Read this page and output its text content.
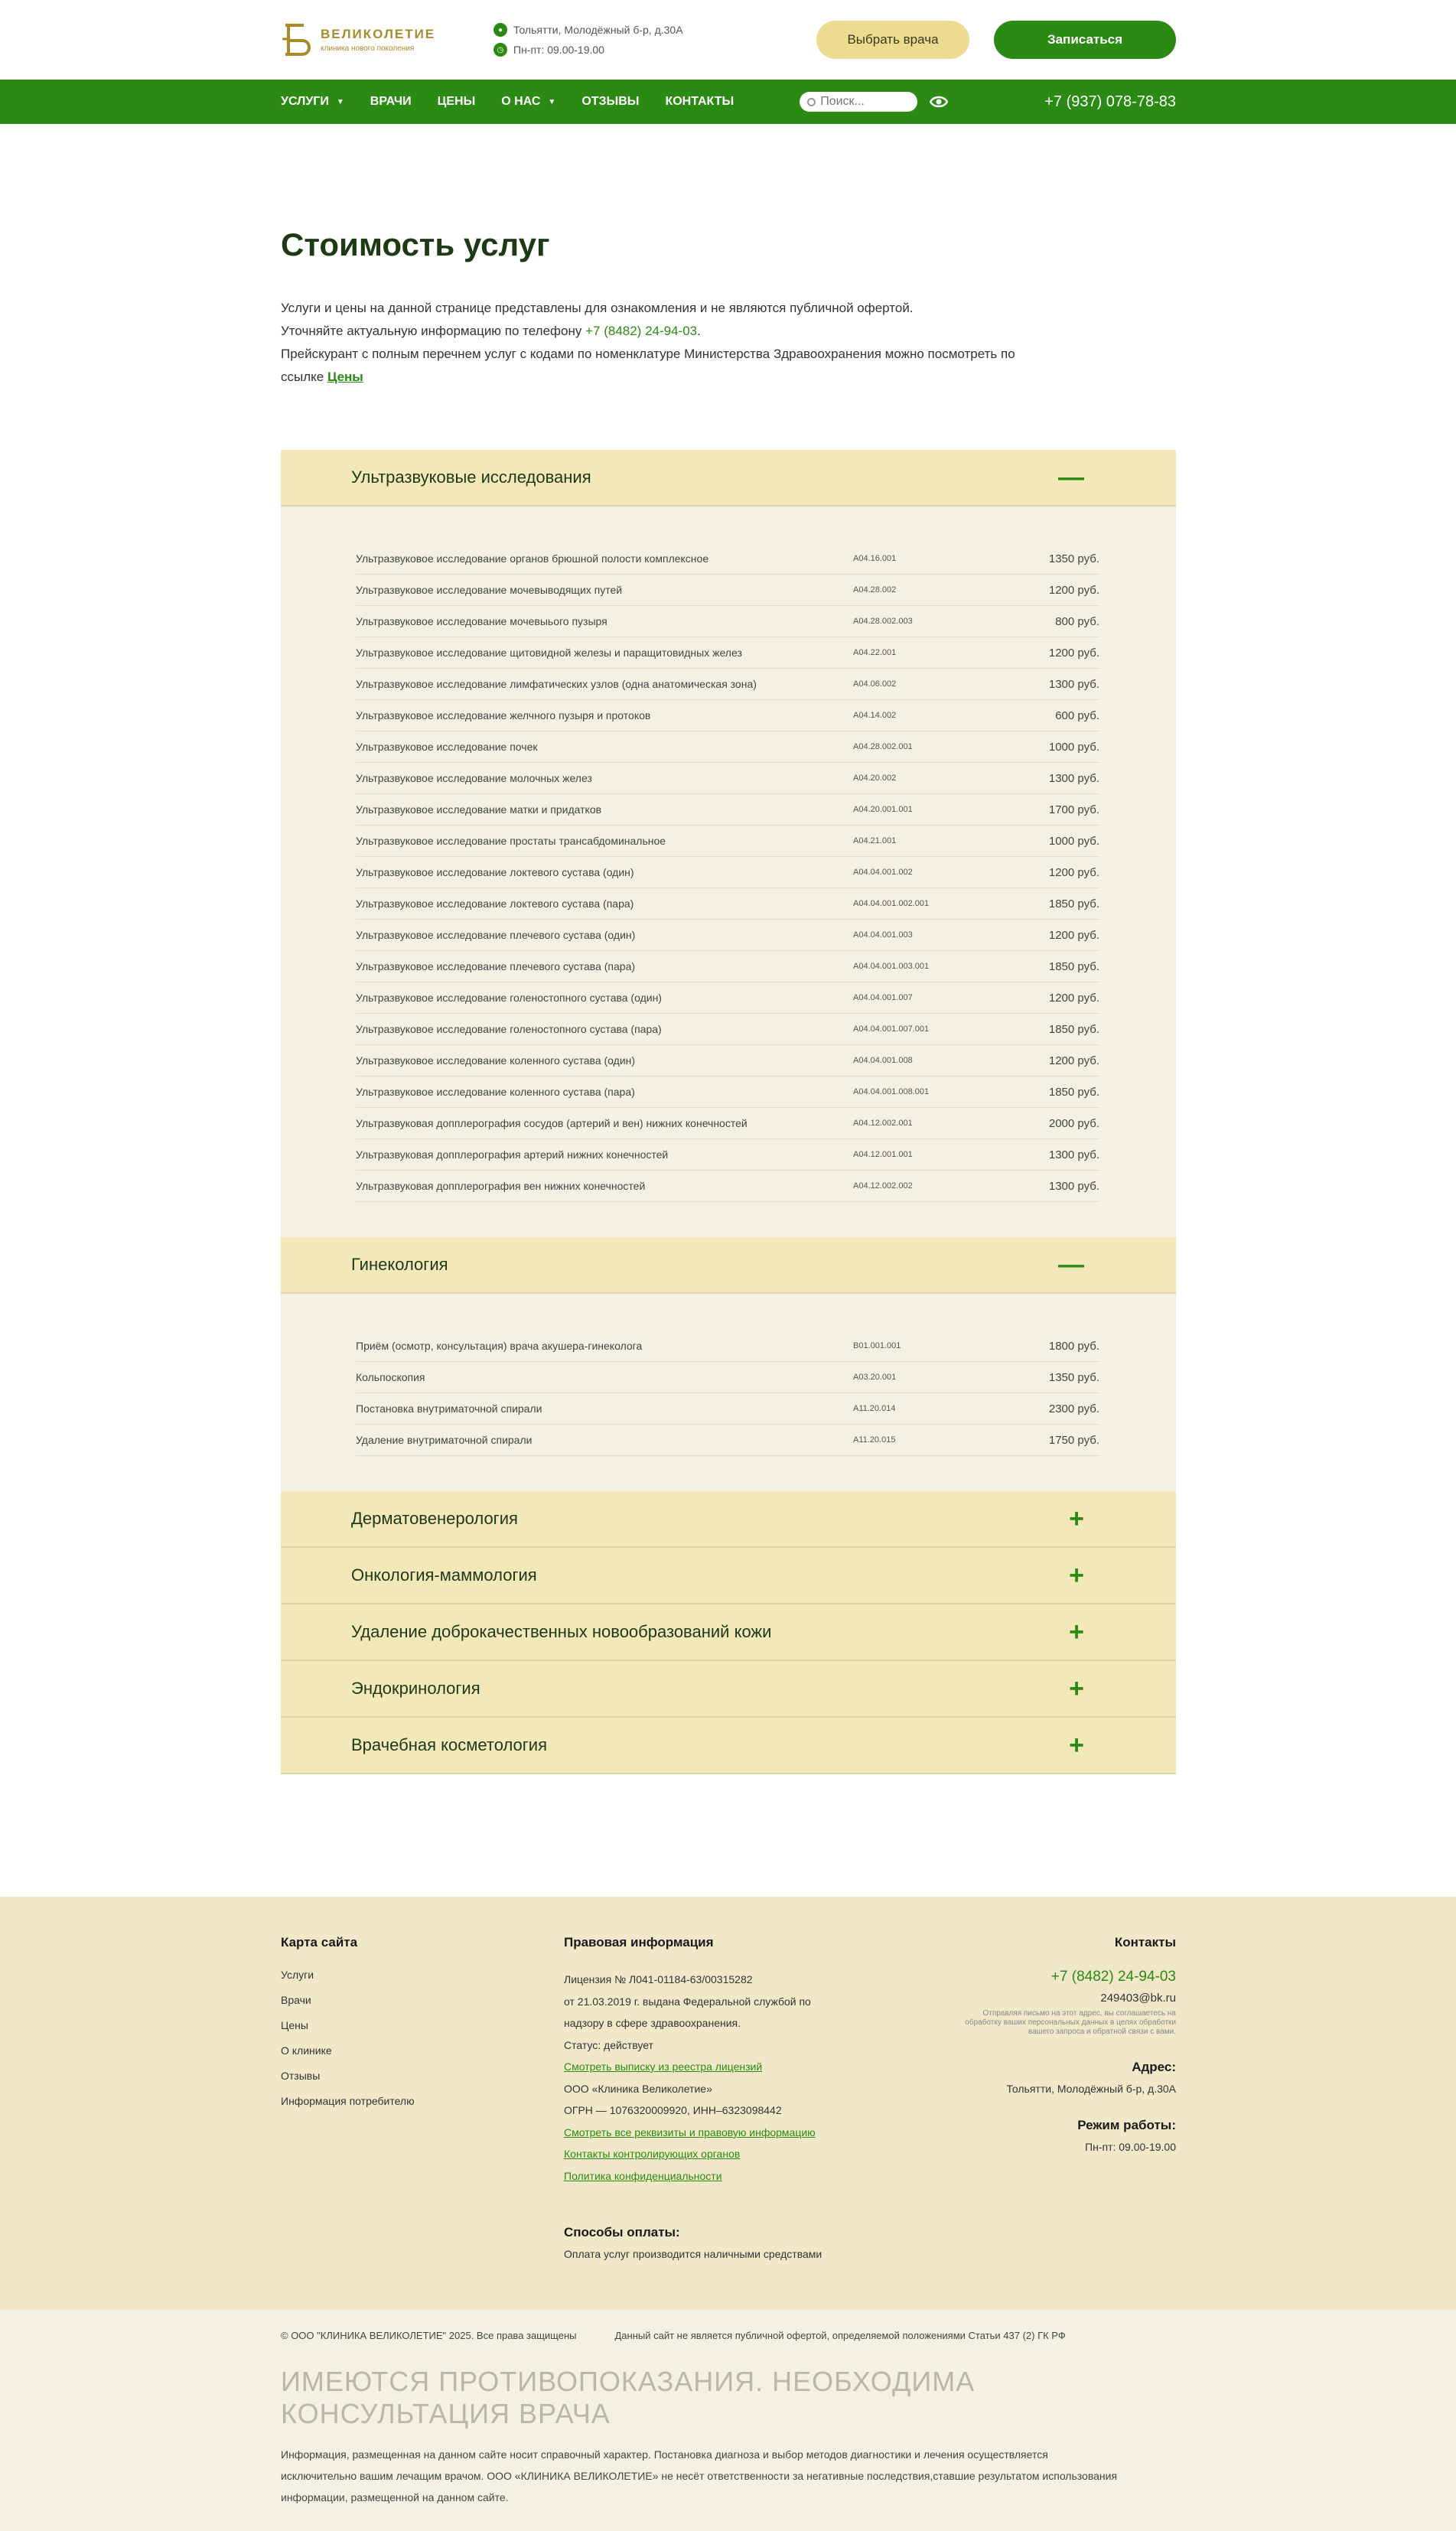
ВЕЛИКОЛЕТИЕ
клиника нового поколения
● Тольятти, Молодёжный б-р, д.30А
◷ Пн-пт: 09.00-19.00
Выбрать врача	Записаться
УСЛУГИ ▼ ВРАЧИ ЦЕНЫ О НАС ▼ ОТЗЫВЫ КОНТАКТЫ
Поиск...	+7 (937) 078-78-83
Стоимость услуг
Услуги и цены на данной странице представлены для ознакомления и не являются публичной офертой.
Уточняйте актуальную информацию по телефону +7 (8482) 24-94-03.
Прейскурант с полным перечнем услуг с кодами по номенклатуре Министерства Здравоохранения можно посмотреть по ссылке Цены
Ультразвуковые исследования	—
Ультразвуковое исследование органов брюшной полости комплексное	A04.16.001	1350 руб.
Ультразвуковое исследование мочевыводящих путей	A04.28.002	1200 руб.
Ультразвуковое исследование мочевыього пузыря	A04.28.002.003	800 руб.
Ультразвуковое исследование щитовидной железы и паращитовидных желез	A04.22.001	1200 руб.
Ультразвуковое исследование лимфатических узлов (одна анатомическая зона)	A04.06.002	1300 руб.
Ультразвуковое исследование желчного пузыря и протоков	A04.14.002	600 руб.
Ультразвуковое исследование почек	A04.28.002.001	1000 руб.
Ультразвуковое исследование молочных желез	A04.20.002	1300 руб.
Ультразвуковое исследование матки и придатков	A04.20.001.001	1700 руб.
Ультразвуковое исследование простаты трансабдоминальное	A04.21.001	1000 руб.
Ультразвуковое исследование локтевого сустава (один)	A04.04.001.002	1200 руб.
Ультразвуковое исследование локтевого сустава (пара)	A04.04.001.002.001	1850 руб.
Ультразвуковое исследование плечевого сустава (один)	A04.04.001.003	1200 руб.
Ультразвуковое исследование плечевого сустава (пара)	A04.04.001.003.001	1850 руб.
Ультразвуковое исследование голеностопного сустава (один)	A04.04.001.007	1200 руб.
Ультразвуковое исследование голеностопного сустава (пара)	A04.04.001.007.001	1850 руб.
Ультразвуковое исследование коленного сустава (один)	A04.04.001.008	1200 руб.
Ультразвуковое исследование коленного сустава (пара)	A04.04.001.008.001	1850 руб.
Ультразвуковая допплерография сосудов (артерий и вен) нижних конечностей	A04.12.002.001	2000 руб.
Ультразвуковая допплерография артерий нижних конечностей	A04.12.001.001	1300 руб.
Ультразвуковая допплерография вен нижних конечностей	A04.12.002.002	1300 руб.
Гинекология	—
Приём (осмотр, консультация) врача акушера-гинеколога	B01.001.001	1800 руб.
Кольпоскопия	A03.20.001	1350 руб.
Постановка внутриматочной спирали	A11.20.014	2300 руб.
Удаление внутриматочной спирали	A11.20.015	1750 руб.
Дерматовенерология	+
Онкология-маммология	+
Удаление доброкачественных новообразований кожи	+
Эндокринология	+
Врачебная косметология	+
Карта сайта
Услуги
Врачи
Цены
О клинике
Отзывы
Информация потребителю
Правовая информация
Лицензия № Л041-01184-63/00315282
от 21.03.2019 г. выдана Федеральной службой по
надзору в сфере здравоохранения.
Статус: действует
Смотреть выписку из реестра лицензий
ООО «Клиника Великолетие»
ОГРН — 1076320009920, ИНН–6323098442
Смотреть все реквизиты и правовую информацию
Контакты контролирующих органов
Политика конфиденциальности
Способы оплаты:
Оплата услуг производится наличными средствами
Контакты
+7 (8482) 24-94-03
249403@bk.ru
Отправляя письмо на этот адрес, вы соглашаетесь на обработку ваших персональных данных в целях обработки вашего запроса и обратной связи с вами.
Адрес:
Тольятти, Молодёжный б-р, д.30А
Режим работы:
Пн-пт: 09.00-19.00
© ООО "КЛИНИКА ВЕЛИКОЛЕТИЕ" 2025. Все права защищены	Данный сайт не является публичной офертой, определяемой положениями Статьи 437 (2) ГК РФ
ИМЕЮТСЯ ПРОТИВОПОКАЗАНИЯ. НЕОБХОДИМА КОНСУЛЬТАЦИЯ ВРАЧА
Информация, размещенная на данном сайте носит справочный характер. Постановка диагноза и выбор методов диагностики и лечения осуществляется исключительно вашим лечащим врачом. ООО «КЛИНИКА ВЕЛИКОЛЕТИЕ» не несёт ответственности за негативные последствия,ставшие результатом использования информации, размещенной на данном сайте.
